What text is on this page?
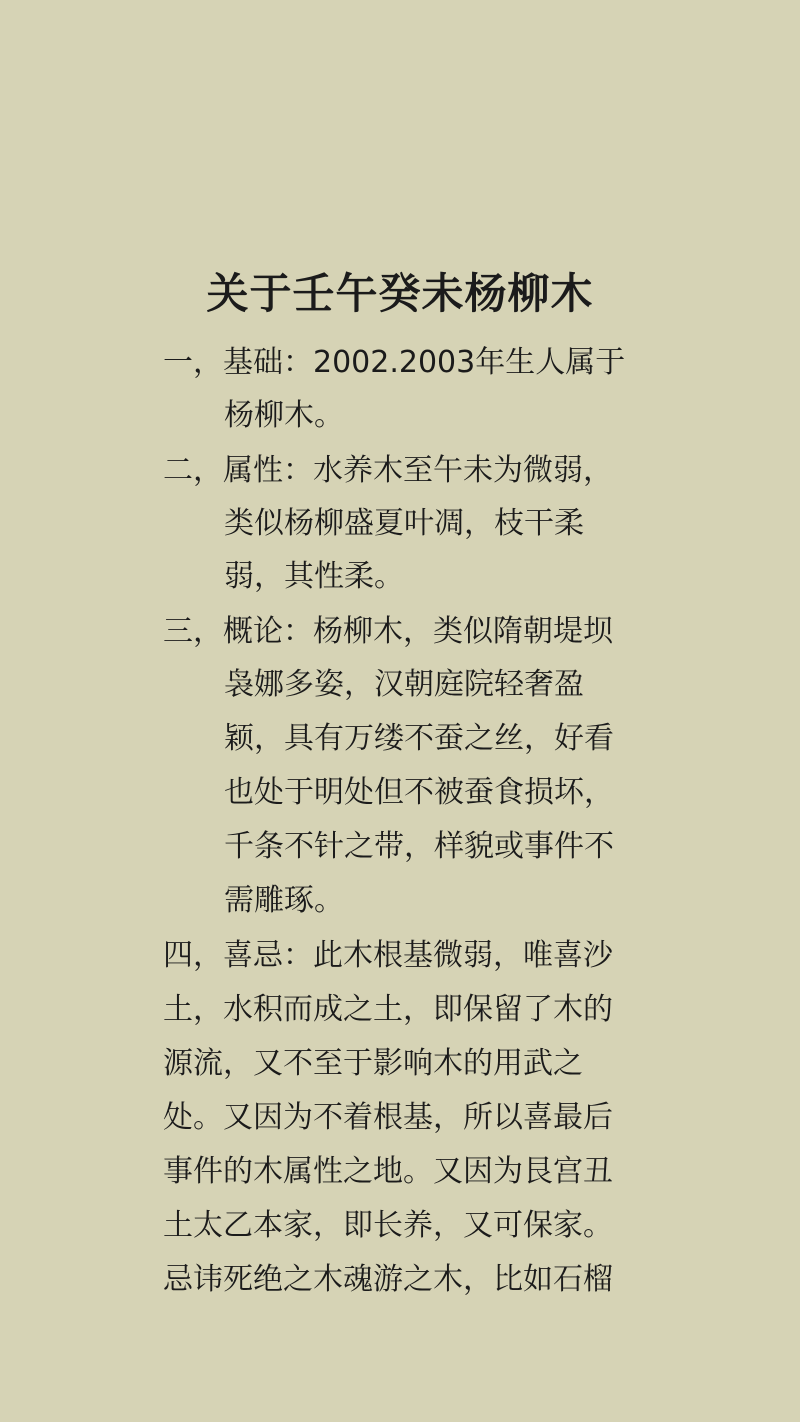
关于壬午癸未杨柳木
一，基础：2002.2003年生人属于
杨柳木。
二，属性：水养木至午未为微弱，
类似杨柳盛夏叶凋，枝干柔
弱，其性柔。
三，概论：杨柳木，类似隋朝堤坝
袅娜多姿，汉朝庭院轻奢盈
颖，具有万缕不蚕之丝，好看
也处于明处但不被蚕食损坏，
千条不针之带，样貌或事件不
需雕琢。
四，喜忌：此木根基微弱，唯喜沙
土，水积而成之土，即保留了木的
源流，又不至于影响木的用武之
处。又因为不着根基，所以喜最后
事件的木属性之地。又因为艮宫丑
土太乙本家，即长养，又可保家。
忌讳死绝之木魂游之木，比如石榴
